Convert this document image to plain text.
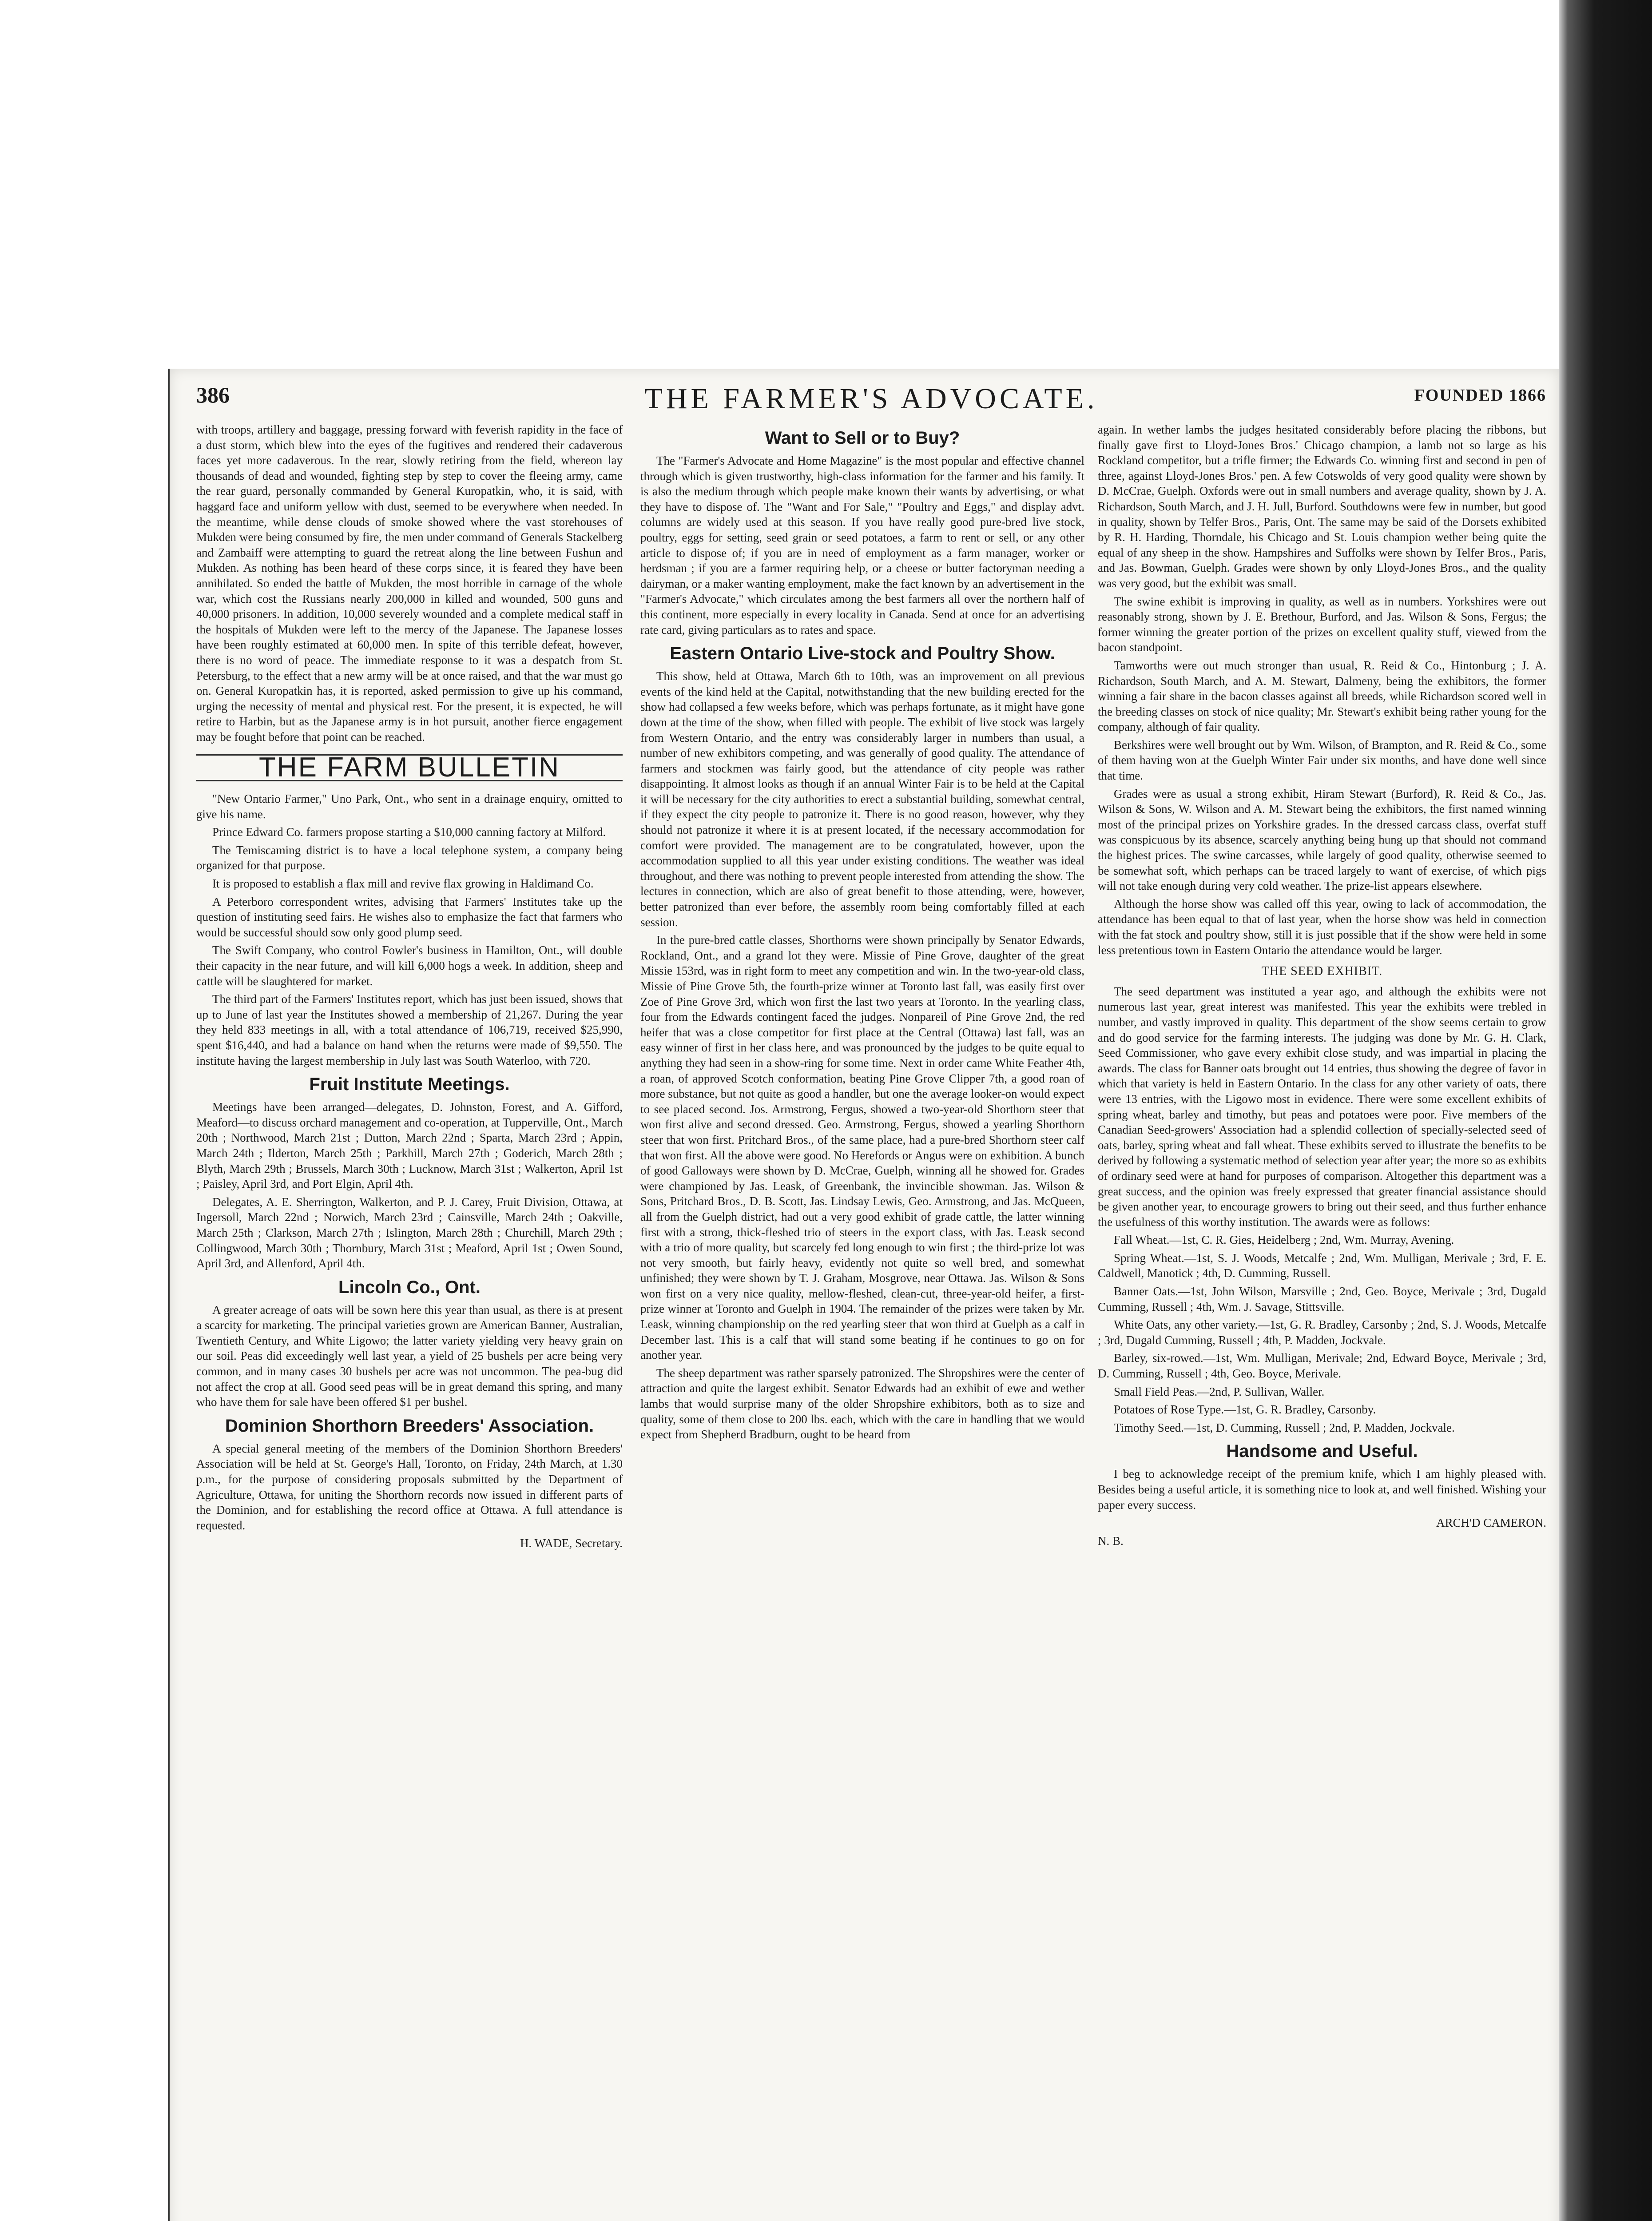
386	THE FARMER'S ADVOCATE.	FOUNDED 1866

with troops, artillery and baggage, pressing forward with feverish rapidity in the face of a dust storm, which blew into the eyes of the fugitives and rendered their cadaverous faces yet more cadaverous. In the rear, slowly retiring from the field, whereon lay thousands of dead and wounded, fighting step by step to cover the fleeing army, came the rear guard, personally commanded by General Kuropatkin, who, it is said, with haggard face and uniform yellow with dust, seemed to be everywhere when needed. In the meantime, while dense clouds of smoke showed where the vast storehouses of Mukden were being consumed by fire, the men under command of Generals Stackelberg and Zambaiff were attempting to guard the retreat along the line between Fushun and Mukden. As nothing has been heard of these corps since, it is feared they have been annihilated. So ended the battle of Mukden, the most horrible in carnage of the whole war, which cost the Russians nearly 200,000 in killed and wounded, 500 guns and 40,000 prisoners. In addition, 10,000 severely wounded and a complete medical staff in the hospitals of Mukden were left to the mercy of the Japanese. The Japanese losses have been roughly estimated at 60,000 men. In spite of this terrible defeat, however, there is no word of peace. The immediate response to it was a despatch from St. Petersburg, to the effect that a new army will be at once raised, and that the war must go on. General Kuropatkin has, it is reported, asked permission to give up his command, urging the necessity of mental and physical rest. For the present, it is expected, he will retire to Harbin, but as the Japanese army is in hot pursuit, another fierce engagement may be fought before that point can be reached.

THE FARM BULLETIN

"New Ontario Farmer," Uno Park, Ont., who sent in a drainage enquiry, omitted to give his name.

Prince Edward Co. farmers propose starting a $10,000 canning factory at Milford.

The Temiscaming district is to have a local telephone system, a company being organized for that purpose.

It is proposed to establish a flax mill and revive flax growing in Haldimand Co.

A Peterboro correspondent writes, advising that Farmers' Institutes take up the question of instituting seed fairs. He wishes also to emphasize the fact that farmers who would be successful should sow only good plump seed.

The Swift Company, who control Fowler's business in Hamilton, Ont., will double their capacity in the near future, and will kill 6,000 hogs a week. In addition, sheep and cattle will be slaughtered for market.

The third part of the Farmers' Institutes report, which has just been issued, shows that up to June of last year the Institutes showed a membership of 21,267. During the year they held 833 meetings in all, with a total attendance of 106,719, received $25,990, spent $16,440, and had a balance on hand when the returns were made of $9,550. The institute having the largest membership in July last was South Waterloo, with 720.

Fruit Institute Meetings.

Meetings have been arranged—delegates, D. Johnston, Forest, and A. Gifford, Meaford—to discuss orchard management and co-operation, at Tupperville, Ont., March 20th ; Northwood, March 21st ; Dutton, March 22nd ; Sparta, March 23rd ; Appin, March 24th ; Ilderton, March 25th ; Parkhill, March 27th ; Goderich, March 28th ; Blyth, March 29th ; Brussels, March 30th ; Lucknow, March 31st ; Walkerton, April 1st ; Paisley, April 3rd, and Port Elgin, April 4th.

Delegates, A. E. Sherrington, Walkerton, and P. J. Carey, Fruit Division, Ottawa, at Ingersoll, March 22nd ; Norwich, March 23rd ; Cainsville, March 24th ; Oakville, March 25th ; Clarkson, March 27th ; Islington, March 28th ; Churchill, March 29th ; Collingwood, March 30th ; Thornbury, March 31st ; Meaford, April 1st ; Owen Sound, April 3rd, and Allenford, April 4th.

Lincoln Co., Ont.

A greater acreage of oats will be sown here this year than usual, as there is at present a scarcity for marketing. The principal varieties grown are American Banner, Australian, Twentieth Century, and White Ligowo; the latter variety yielding very heavy grain on our soil. Peas did exceedingly well last year, a yield of 25 bushels per acre being very common, and in many cases 30 bushels per acre was not uncommon. The pea-bug did not affect the crop at all. Good seed peas will be in great demand this spring, and many who have them for sale have been offered $1 per bushel.

Dominion Shorthorn Breeders' Association.

A special general meeting of the members of the Dominion Shorthorn Breeders' Association will be held at St. George's Hall, Toronto, on Friday, 24th March, at 1.30 p.m., for the purpose of considering proposals submitted by the Department of Agriculture, Ottawa, for uniting the Shorthorn records now issued in different parts of the Dominion, and for establishing the record office at Ottawa. A full attendance is requested.

H. WADE, Secretary.

Want to Sell or to Buy?

The "Farmer's Advocate and Home Magazine" is the most popular and effective channel through which is given trustworthy, high-class information for the farmer and his family. It is also the medium through which people make known their wants by advertising, or what they have to dispose of. The "Want and For Sale," "Poultry and Eggs," and display advt. columns are widely used at this season. If you have really good pure-bred live stock, poultry, eggs for setting, seed grain or seed potatoes, a farm to rent or sell, or any other article to dispose of; if you are in need of employment as a farm manager, worker or herdsman ; if you are a farmer requiring help, or a cheese or butter factoryman needing a dairyman, or a maker wanting employment, make the fact known by an advertisement in the "Farmer's Advocate," which circulates among the best farmers all over the northern half of this continent, more especially in every locality in Canada. Send at once for an advertising rate card, giving particulars as to rates and space.

Eastern Ontario Live-stock and Poultry Show.

This show, held at Ottawa, March 6th to 10th, was an improvement on all previous events of the kind held at the Capital, notwithstanding that the new building erected for the show had collapsed a few weeks before, which was perhaps fortunate, as it might have gone down at the time of the show, when filled with people. The exhibit of live stock was largely from Western Ontario, and the entry was considerably larger in numbers than usual, a number of new exhibitors competing, and was generally of good quality. The attendance of farmers and stockmen was fairly good, but the attendance of city people was rather disappointing. It almost looks as though if an annual Winter Fair is to be held at the Capital it will be necessary for the city authorities to erect a substantial building, somewhat central, if they expect the city people to patronize it. There is no good reason, however, why they should not patronize it where it is at present located, if the necessary accommodation for comfort were provided. The management are to be congratulated, however, upon the accommodation supplied to all this year under existing conditions. The weather was ideal throughout, and there was nothing to prevent people interested from attending the show. The lectures in connection, which are also of great benefit to those attending, were, however, better patronized than ever before, the assembly room being comfortably filled at each session.

In the pure-bred cattle classes, Shorthorns were shown principally by Senator Edwards, Rockland, Ont., and a grand lot they were. Missie of Pine Grove, daughter of the great Missie 153rd, was in right form to meet any competition and win. In the two-year-old class, Missie of Pine Grove 5th, the fourth-prize winner at Toronto last fall, was easily first over Zoe of Pine Grove 3rd, which won first the last two years at Toronto. In the yearling class, four from the Edwards contingent faced the judges. Nonpareil of Pine Grove 2nd, the red heifer that was a close competitor for first place at the Central (Ottawa) last fall, was an easy winner of first in her class here, and was pronounced by the judges to be quite equal to anything they had seen in a show-ring for some time. Next in order came White Feather 4th, a roan, of approved Scotch conformation, beating Pine Grove Clipper 7th, a good roan of more substance, but not quite as good a handler, but one the average looker-on would expect to see placed second. Jos. Armstrong, Fergus, showed a two-year-old Shorthorn steer that won first alive and second dressed. Geo. Armstrong, Fergus, showed a yearling Shorthorn steer that won first. Pritchard Bros., of the same place, had a pure-bred Shorthorn steer calf that won first. All the above were good. No Herefords or Angus were on exhibition. A bunch of good Galloways were shown by D. McCrae, Guelph, winning all he showed for. Grades were championed by Jas. Leask, of Greenbank, the invincible showman. Jas. Wilson & Sons, Pritchard Bros., D. B. Scott, Jas. Lindsay Lewis, Geo. Armstrong, and Jas. McQueen, all from the Guelph district, had out a very good exhibit of grade cattle, the latter winning first with a strong, thick-fleshed trio of steers in the export class, with Jas. Leask second with a trio of more quality, but scarcely fed long enough to win first ; the third-prize lot was not very smooth, but fairly heavy, evidently not quite so well bred, and somewhat unfinished; they were shown by T. J. Graham, Mosgrove, near Ottawa. Jas. Wilson & Sons won first on a very nice quality, mellow-fleshed, clean-cut, three-year-old heifer, a first-prize winner at Toronto and Guelph in 1904. The remainder of the prizes were taken by Mr. Leask, winning championship on the red yearling steer that won third at Guelph as a calf in December last. This is a calf that will stand some beating if he continues to go on for another year.

The sheep department was rather sparsely patronized. The Shropshires were the center of attraction and quite the largest exhibit. Senator Edwards had an exhibit of ewe and wether lambs that would surprise many of the older Shropshire exhibitors, both as to size and quality, some of them close to 200 lbs. each, which with the care in handling that we would expect from Shepherd Bradburn, ought to be heard from

again. In wether lambs the judges hesitated considerably before placing the ribbons, but finally gave first to Lloyd-Jones Bros.' Chicago champion, a lamb not so large as his Rockland competitor, but a trifle firmer; the Edwards Co. winning first and second in pen of three, against Lloyd-Jones Bros.' pen. A few Cotswolds of very good quality were shown by D. McCrae, Guelph. Oxfords were out in small numbers and average quality, shown by J. A. Richardson, South March, and J. H. Jull, Burford. Southdowns were few in number, but good in quality, shown by Telfer Bros., Paris, Ont. The same may be said of the Dorsets exhibited by R. H. Harding, Thorndale, his Chicago and St. Louis champion wether being quite the equal of any sheep in the show. Hampshires and Suffolks were shown by Telfer Bros., Paris, and Jas. Bowman, Guelph. Grades were shown by only Lloyd-Jones Bros., and the quality was very good, but the exhibit was small.

The swine exhibit is improving in quality, as well as in numbers. Yorkshires were out reasonably strong, shown by J. E. Brethour, Burford, and Jas. Wilson & Sons, Fergus; the former winning the greater portion of the prizes on excellent quality stuff, viewed from the bacon standpoint.

Tamworths were out much stronger than usual, R. Reid & Co., Hintonburg ; J. A. Richardson, South March, and A. M. Stewart, Dalmeny, being the exhibitors, the former winning a fair share in the bacon classes against all breeds, while Richardson scored well in the breeding classes on stock of nice quality; Mr. Stewart's exhibit being rather young for the company, although of fair quality.

Berkshires were well brought out by Wm. Wilson, of Brampton, and R. Reid & Co., some of them having won at the Guelph Winter Fair under six months, and have done well since that time.

Grades were as usual a strong exhibit, Hiram Stewart (Burford), R. Reid & Co., Jas. Wilson & Sons, W. Wilson and A. M. Stewart being the exhibitors, the first named winning most of the principal prizes on Yorkshire grades. In the dressed carcass class, overfat stuff was conspicuous by its absence, scarcely anything being hung up that should not command the highest prices. The swine carcasses, while largely of good quality, otherwise seemed to be somewhat soft, which perhaps can be traced largely to want of exercise, of which pigs will not take enough during very cold weather. The prize-list appears elsewhere.

Although the horse show was called off this year, owing to lack of accommodation, the attendance has been equal to that of last year, when the horse show was held in connection with the fat stock and poultry show, still it is just possible that if the show were held in some less pretentious town in Eastern Ontario the attendance would be larger.

THE SEED EXHIBIT.

The seed department was instituted a year ago, and although the exhibits were not numerous last year, great interest was manifested. This year the exhibits were trebled in number, and vastly improved in quality. This department of the show seems certain to grow and do good service for the farming interests. The judging was done by Mr. G. H. Clark, Seed Commissioner, who gave every exhibit close study, and was impartial in placing the awards. The class for Banner oats brought out 14 entries, thus showing the degree of favor in which that variety is held in Eastern Ontario. In the class for any other variety of oats, there were 13 entries, with the Ligowo most in evidence. There were some excellent exhibits of spring wheat, barley and timothy, but peas and potatoes were poor. Five members of the Canadian Seed-growers' Association had a splendid collection of specially-selected seed of oats, barley, spring wheat and fall wheat. These exhibits served to illustrate the benefits to be derived by following a systematic method of selection year after year; the more so as exhibits of ordinary seed were at hand for purposes of comparison. Altogether this department was a great success, and the opinion was freely expressed that greater financial assistance should be given another year, to encourage growers to bring out their seed, and thus further enhance the usefulness of this worthy institution. The awards were as follows:

Fall Wheat.—1st, C. R. Gies, Heidelberg ; 2nd, Wm. Murray, Avening.

Spring Wheat.—1st, S. J. Woods, Metcalfe ; 2nd, Wm. Mulligan, Merivale ; 3rd, F. E. Caldwell, Manotick ; 4th, D. Cumming, Russell.

Banner Oats.—1st, John Wilson, Marsville ; 2nd, Geo. Boyce, Merivale ; 3rd, Dugald Cumming, Russell ; 4th, Wm. J. Savage, Stittsville.

White Oats, any other variety.—1st, G. R. Bradley, Carsonby ; 2nd, S. J. Woods, Metcalfe ; 3rd, Dugald Cumming, Russell ; 4th, P. Madden, Jockvale.

Barley, six-rowed.—1st, Wm. Mulligan, Merivale; 2nd, Edward Boyce, Merivale ; 3rd, D. Cumming, Russell ; 4th, Geo. Boyce, Merivale.

Small Field Peas.—2nd, P. Sullivan, Waller.

Potatoes of Rose Type.—1st, G. R. Bradley, Carsonby.

Timothy Seed.—1st, D. Cumming, Russell ; 2nd, P. Madden, Jockvale.

Handsome and Useful.

I beg to acknowledge receipt of the premium knife, which I am highly pleased with. Besides being a useful article, it is something nice to look at, and well finished. Wishing your paper every success.

ARCH'D CAMERON.

N. B.
